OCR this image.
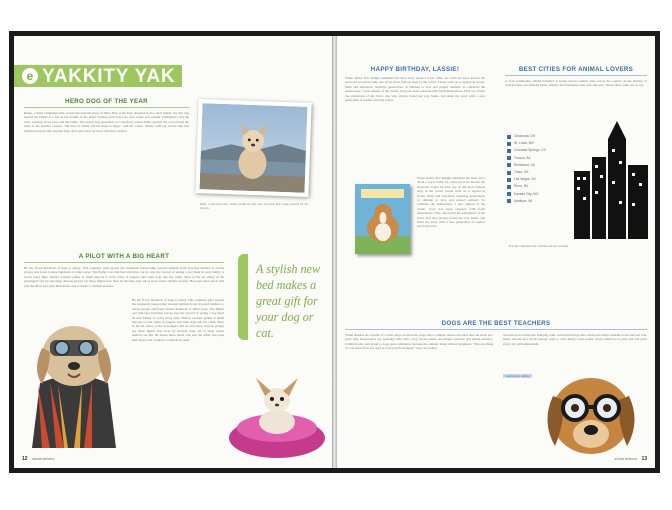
e YAKKITY YAK
HERO DOG OF THE YEAR
Rufus, a feisty Chihuahua mix, earned the national honor of Hero Dog of the Year. Adopted from a rural shelter, the tiny dog alerted his family to a fire in the middle of the night, barking until everyone was awake and outside. Firefighters said the early warning saved lives and the home. The award was presented at a ceremony where Rufus greeted the crowd from the arms of his grateful owners. "He may be small, but his heart is huge," said his owner. Shelter staff say stories like this remind everyone that rescued dogs often give back far more than they receive.
Rufus, a pint-sized hero, relaxes beside the lake near his home after being honored for his bravery.
A PILOT WITH A BIG HEART
He has flown hundreds of dogs to safety. This volunteer pilot spends his weekends transporting rescued animals from crowded shelters to rescue groups and foster homes hundreds of miles away. The flights cost him fuel and time, but he says the reward of seeing a dog meet its new family is worth every mile. Shelter workers gather at small airports to load crates of puppies and older dogs into the cabin. Once in the air, many of the passengers curl up and sleep. Rescue groups say these flights save lives by moving dogs out of areas where shelters are full. He hopes more pilots will join the effort and open their hearts and cockpits to animals in need.
He has flown hundreds of dogs to safety. This volunteer pilot spends his weekends transporting rescued animals from crowded shelters to rescue groups and foster homes hundreds of miles away. The flights cost him fuel and time, but he says the reward of seeing a dog meet its new family is worth every mile. Shelter workers gather at small airports to load crates of puppies and older dogs into the cabin. Once in the air, many of the passengers curl up and sleep. Rescue groups say these flights save lives by moving dogs out of areas where shelters are full. He hopes more pilots will join the effort and open their hearts and cockpits to animals in need.
A stylish new bed makes a great gift for your dog or cat.
12 animal wellness
HAPPY BIRTHDAY, LASSIE!
When author Eric Knight published his short story about a loyal collie, he could not have known the character would become one of the most famous dogs in the world. Lassie went on to appear in books, films and television, inspiring generations of children to love and respect animals. To celebrate the anniversary, a new edition of the classic story has been released with fresh illustrations. Fans can revisit the adventures of the brave dog who always found her way home, and share the story with a new generation of readers and dog lovers.
When author Eric Knight published his short story about a loyal collie, he could not have known the character would become one of the most famous dogs in the world. Lassie went on to appear in books, films and television, inspiring generations of children to love and respect animals. To celebrate the anniversary, a new edition of the classic story has been released with fresh illustrations. Fans can revisit the adventures of the brave dog who always found her way home, and share the story with a new generation of readers and dog lovers.
BEST CITIES FOR ANIMAL LOVERS
Is your community animal-friendly? A recent survey ranked cities across the country on the number of veterinarians, pet-friendly parks, shelters and businesses that welcome pets. These cities came out on top:
Cincinnati, OH
St. Louis, MO
Colorado Springs, CO
Tucson, AZ
Richmond, VA
Tulsa, OK
Las Vegas, NV
Reno, NV
Kansas City, MO
Madison, WI
For the complete list visit the survey website
DOGS ARE THE BEST TEACHERS
While humans are capable of a wide range of emotions, dogs show a simple, honest devotion that can teach us a great deal. Researchers say spending time with a dog lowers stress, encourages exercise and builds patience. Children who read aloud to dogs gain confidence because the animals listen without judgment. "The one thing we can learn from our dogs is to live in the moment," says one trainer.
Teachers have found that bringing calm, well-trained dogs into classrooms helps students focus and feel safe. Many schools now invite therapy dogs to visit during exam weeks. Dogs remind us to play, rest and greet every day with enthusiasm.
learn more online
animal wellness 13
